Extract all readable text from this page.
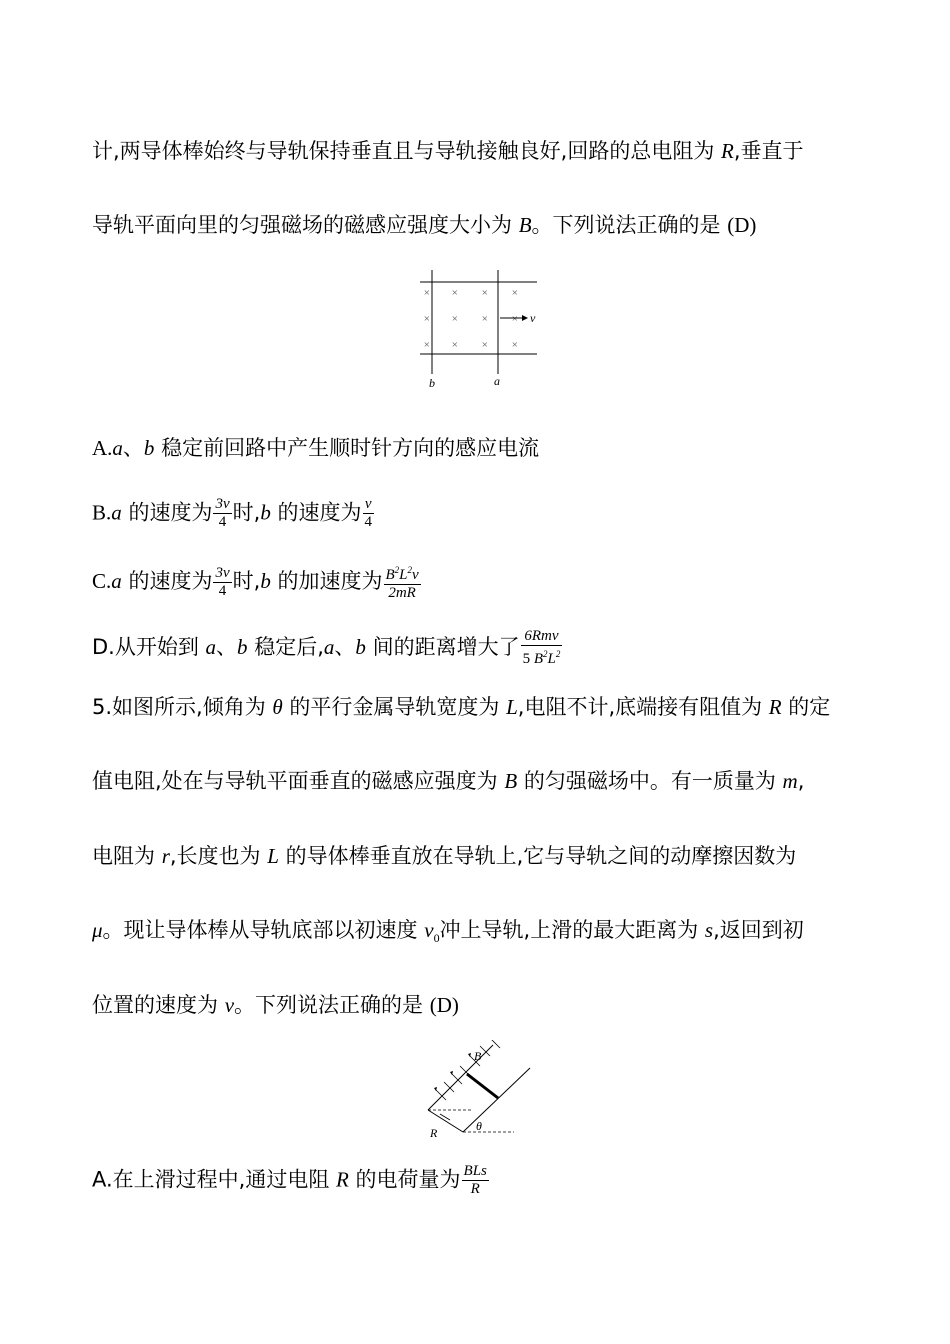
计,两导体棒始终与导轨保持垂直且与导轨接触良好,回路的总电阻为 R,垂直于
导轨平面向里的匀强磁场的磁感应强度大小为 B。下列说法正确的是 (D)
× × × ×
× × × ×
× × × ×
v
b	a
A.a、b 稳定前回路中产生顺时针方向的感应电流
B.a 的速度为 $\frac{3v}{4}$ 时,b 的速度为 $\frac{v}{4}$
C.a 的速度为 $\frac{3v}{4}$ 时,b 的加速度为 $\frac{B^2L^2v}{2mR}$
D.从开始到 a、b 稳定后,a、b 间的距离增大了 $\frac{\text{6Rmv}}{5 B^2L^2}$
5.如图所示,倾角为 θ 的平行金属导轨宽度为 L,电阻不计,底端接有阻值为 R 的定
值电阻,处在与导轨平面垂直的磁感应强度为 B 的匀强磁场中。有一质量为 m,
电阻为 r,长度也为 L 的导体棒垂直放在导轨上,它与导轨之间的动摩擦因数为
μ。现让导体棒从导轨底部以初速度 $v_0$冲上导轨,上滑的最大距离为 s,返回到初
位置的速度为 v。下列说法正确的是 (D)
B
R	θ
A.在上滑过程中,通过电阻 R 的电荷量为 $\frac{\text{BLs}}{R}$
